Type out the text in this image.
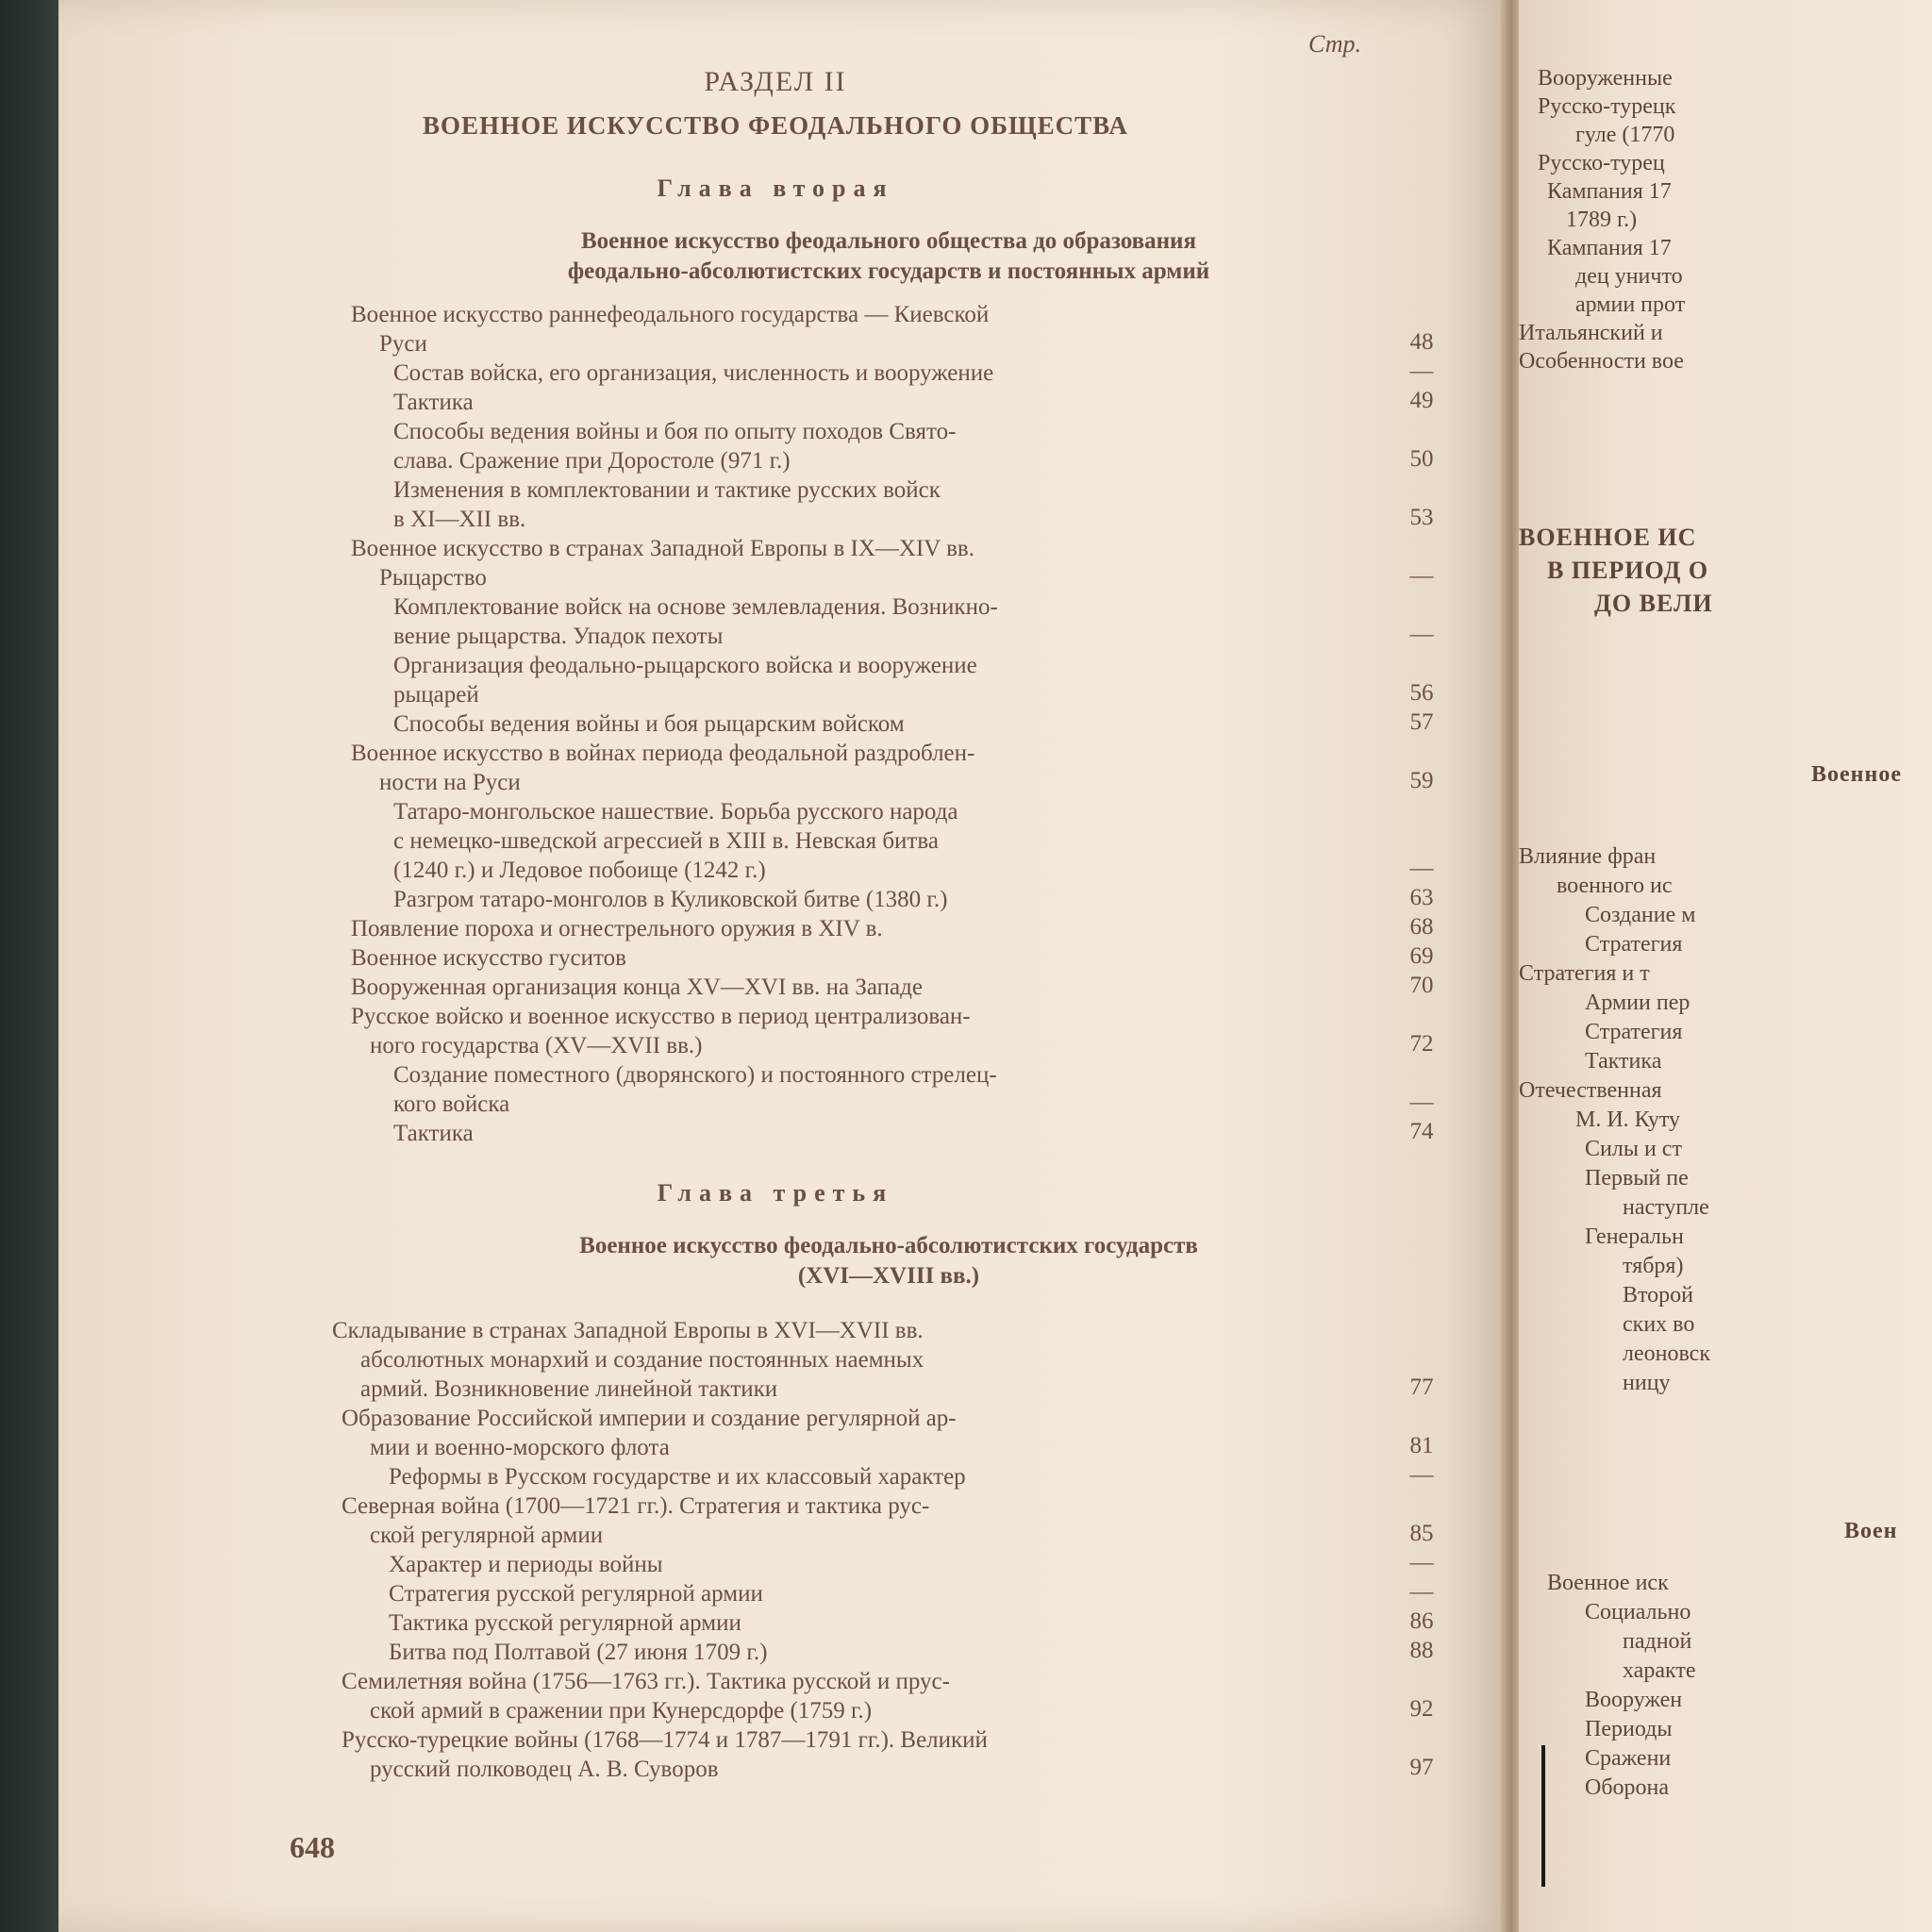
Стр.
РАЗДЕЛ II
ВОЕННОЕ ИСКУССТВО ФЕОДАЛЬНОГО ОБЩЕСТВА
Глава вторая
Военное искусство феодального общества до образования
феодально-абсолютистских государств и постоянных армий
Военное искусство раннефеодального государства — Киевской
Руси	48
Состав войска, его организация, численность и вооружение	—
Тактика	49
Способы ведения войны и боя по опыту походов Свято-
слава. Сражение при Доростоле (971 г.)	50
Изменения в комплектовании и тактике русских войск
в XI—XII вв.	53
Военное искусство в странах Западной Европы в IX—XIV вв.
Рыцарство	—
Комплектование войск на основе землевладения. Возникно-
вение рыцарства. Упадок пехоты	—
Организация феодально-рыцарского войска и вооружение
рыцарей	56
Способы ведения войны и боя рыцарским войском	57
Военное искусство в войнах периода феодальной раздроблен-
ности на Руси	59
Татаро-монгольское нашествие. Борьба русского народа
с немецко-шведской агрессией в XIII в. Невская битва
(1240 г.) и Ледовое побоище (1242 г.)	—
Разгром татаро-монголов в Куликовской битве (1380 г.)	63
Появление пороха и огнестрельного оружия в XIV в.	68
Военное искусство гуситов	69
Вооруженная организация конца XV—XVI вв. на Западе	70
Русское войско и военное искусство в период централизован-
ного государства (XV—XVII вв.)	72
Создание поместного (дворянского) и постоянного стрелец-
кого войска	—
Тактика	74
Глава третья
Военное искусство феодально-абсолютистских государств
(XVI—XVIII вв.)
Складывание в странах Западной Европы в XVI—XVII вв.
абсолютных монархий и создание постоянных наемных
армий. Возникновение линейной тактики	77
Образование Российской империи и создание регулярной ар-
мии и военно-морского флота	81
Реформы в Русском государстве и их классовый характер	—
Северная война (1700—1721 гг.). Стратегия и тактика рус-
ской регулярной армии	85
Характер и периоды войны	—
Стратегия русской регулярной армии	—
Тактика русской регулярной армии	86
Битва под Полтавой (27 июня 1709 г.)	88
Семилетняя война (1756—1763 гг.). Тактика русской и прус-
ской армий в сражении при Кунерсдорфе (1759 г.)	92
Русско-турецкие войны (1768—1774 и 1787—1791 гг.). Великий
русский полководец А. В. Суворов	97
648
Вооруженные
Русско-турецк
гуле (1770
Русско-турец
Кампания 17
1789 г.)
Кампания 17
дец уничто
армии прот
Итальянский и
Особенности вое
ВОЕННОЕ ИС
В ПЕРИОД О
ДО ВЕЛИ
Военное
Влияние фран
военного ис
Создание м
Стратегия
Стратегия и т
Армии пер
Стратегия
Тактика
Отечественная
М. И. Куту
Силы и ст
Первый пе
наступле
Генеральн
тября)
Второй
ских во
леоновск
ницу
Воен
Военное иск
Социально
падной
характе
Вооружен
Периоды
Сражени
Оборона
